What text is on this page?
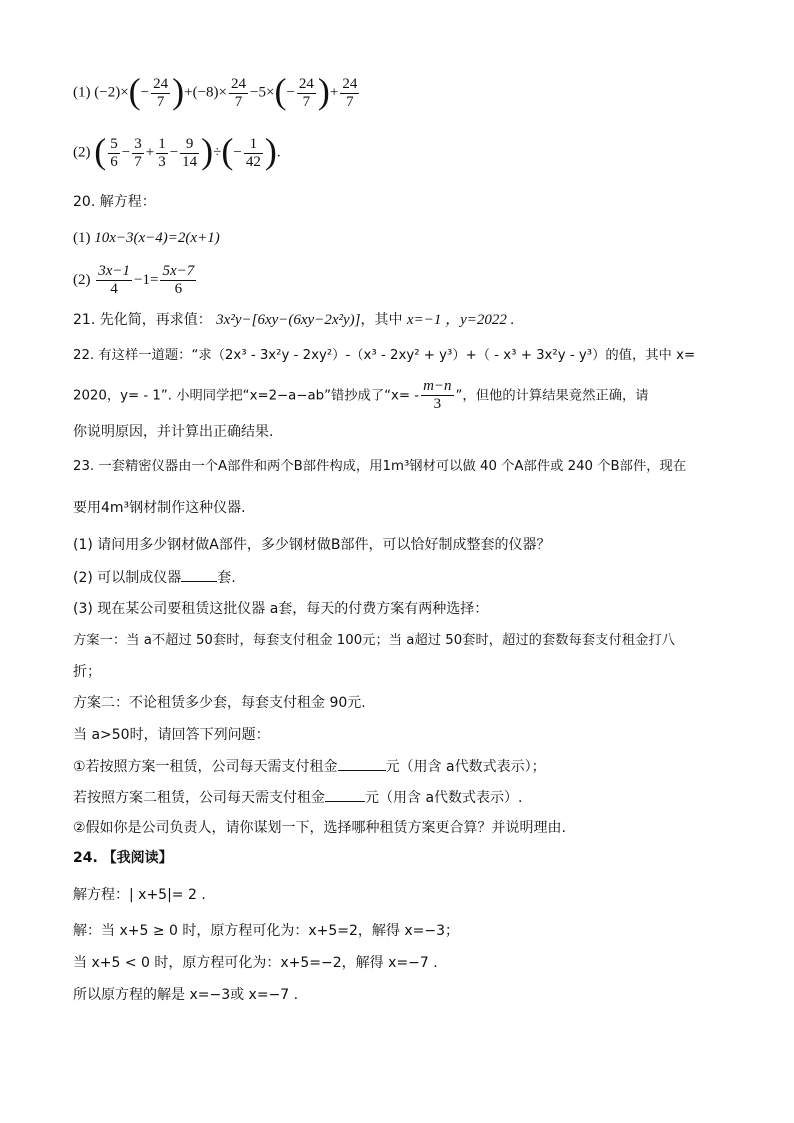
(1) $(-2)\times(- \frac{24}{7} )+(-8)\times \frac{24}{7} -5\times(- \frac{24}{7}$ )+ $\frac{24}{7}$
(2) ( $\frac{5}{6} - \frac{3}{7} + \frac{1}{3} - \frac{9}{14}$ )÷(− $\frac{1}{42}$ ).
20. 解方程：
(1) 10x−3(x−4)=2(x+1)
$(2) \frac{3x-1}{4} -1= \frac{5x-7}{6}$
21. 先化简，再求值： 3x²y−[6xy−(6xy−2x²y)]，其中 x=−1 ，y=2022 .
22. 有这样一道题：“求（2x³ - 3x²y - 2xy²）-（x³ - 2xy² + y³）+（ - x³ + 3x²y - y³）的值，其中 x=
2020，y= - 1”. 小明同学把“x=2−a−ab”错抄成了“$x= - \frac{m-n}{3}$ ”，但他的计算结果竟然正确，请
你说明原因，并计算出正确结果.
23. 一套精密仪器由一个A部件和两个B部件构成，用1m³钢材可以做 40 个A部件或 240 个B部件，现在
要用4m³钢材制作这种仪器.
(1) 请问用多少钢材做A部件，多少钢材做B部件，可以恰好制成整套的仪器？
(2) 可以制成仪器	套.
(3) 现在某公司要租赁这批仪器 a套，每天的付费方案有两种选择：
方案一：当 a不超过 50套时，每套支付租金 100元；当 a超过 50套时，超过的套数每套支付租金打八
折；
方案二：不论租赁多少套，每套支付租金 90元.
当 a>50时，请回答下列问题：
①若按照方案一租赁，公司每天需支付租金	元（用含 a代数式表示）；
若按照方案二租赁，公司每天需支付租金	元（用含 a代数式表示）.
②假如你是公司负责人，请你谋划一下，选择哪种租赁方案更合算？并说明理由.
24. 【我阅读】
解方程：| x+5|= 2 .
解：当 x+5 ≥ 0 时，原方程可化为：x+5=2，解得 x=−3；
当 x+5 < 0 时，原方程可化为：x+5=−2，解得 x=−7 .
所以原方程的解是 x=−3或 x=−7 .
